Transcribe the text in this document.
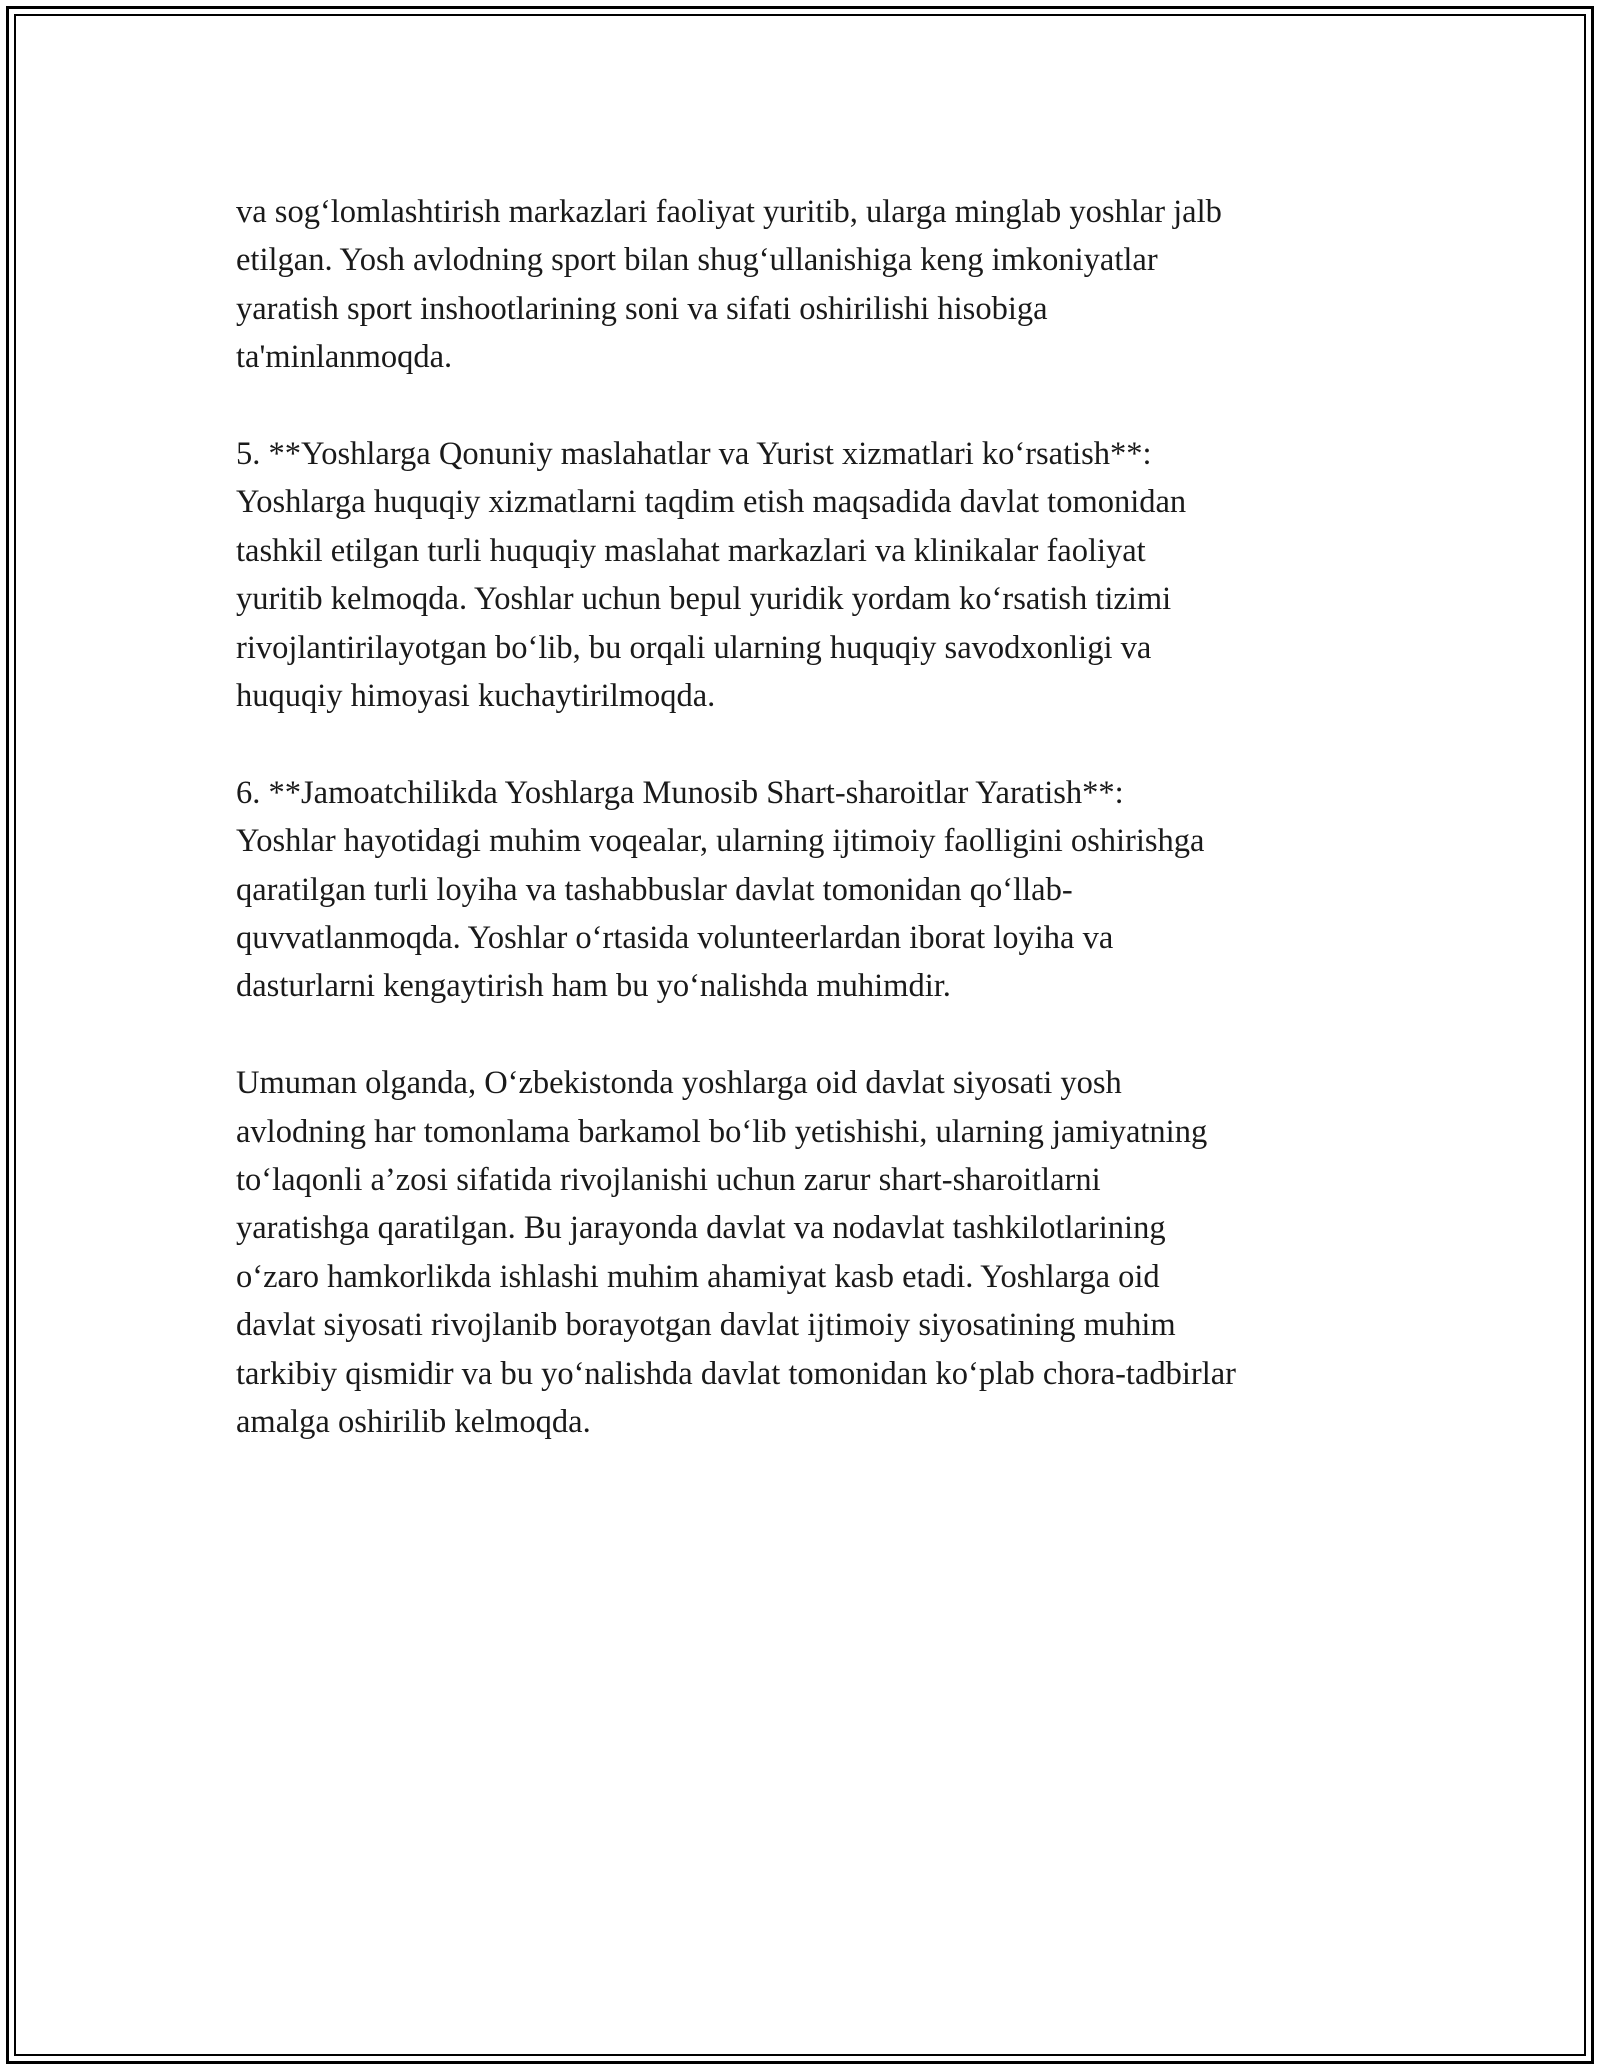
va sog‘lomlashtirish markazlari faoliyat yuritib, ularga minglab yoshlar jalb
etilgan. Yosh avlodning sport bilan shug‘ullanishiga keng imkoniyatlar
yaratish sport inshootlarining soni va sifati oshirilishi hisobiga
ta'minlanmoqda.

5. **Yoshlarga Qonuniy maslahatlar va Yurist xizmatlari ko‘rsatish**:
Yoshlarga huquqiy xizmatlarni taqdim etish maqsadida davlat tomonidan
tashkil etilgan turli huquqiy maslahat markazlari va klinikalar faoliyat
yuritib kelmoqda. Yoshlar uchun bepul yuridik yordam ko‘rsatish tizimi
rivojlantirilayotgan bo‘lib, bu orqali ularning huquqiy savodxonligi va
huquqiy himoyasi kuchaytirilmoqda.

6. **Jamoatchilikda Yoshlarga Munosib Shart-sharoitlar Yaratish**:
Yoshlar hayotidagi muhim voqealar, ularning ijtimoiy faolligini oshirishga
qaratilgan turli loyiha va tashabbuslar davlat tomonidan qo‘llab-
quvvatlanmoqda. Yoshlar o‘rtasida volunteerlardan iborat loyiha va
dasturlarni kengaytirish ham bu yo‘nalishda muhimdir.

Umuman olganda, O‘zbekistonda yoshlarga oid davlat siyosati yosh
avlodning har tomonlama barkamol bo‘lib yetishishi, ularning jamiyatning
to‘laqonli a’zosi sifatida rivojlanishi uchun zarur shart-sharoitlarni
yaratishga qaratilgan. Bu jarayonda davlat va nodavlat tashkilotlarining
o‘zaro hamkorlikda ishlashi muhim ahamiyat kasb etadi. Yoshlarga oid
davlat siyosati rivojlanib borayotgan davlat ijtimoiy siyosatining muhim
tarkibiy qismidir va bu yo‘nalishda davlat tomonidan ko‘plab chora-tadbirlar
amalga oshirilib kelmoqda.
